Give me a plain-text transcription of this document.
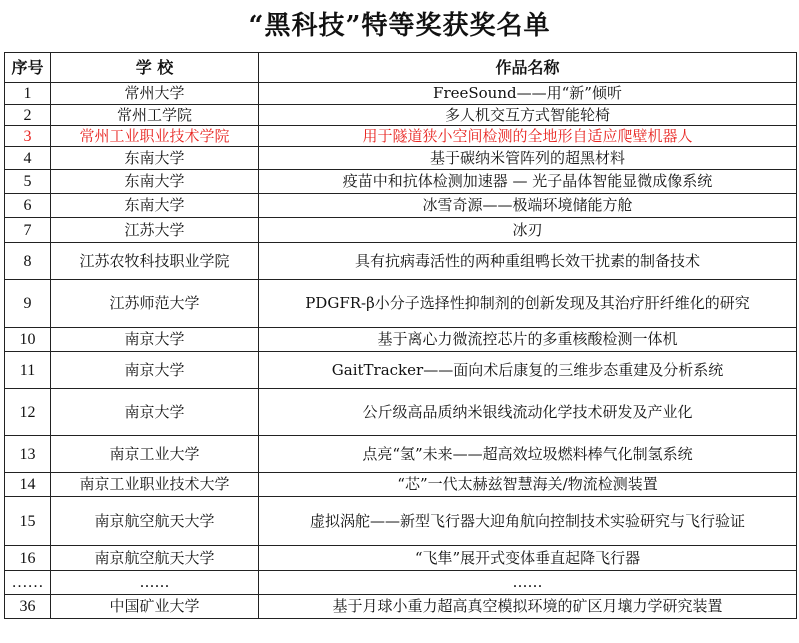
“黑科技”特等奖获奖名单
序号	学 校	作品名称
1	常州大学	FreeSound——用“新”倾听
2	常州工学院	多人机交互方式智能轮椅
3	常州工业职业技术学院	用于隧道狭小空间检测的全地形自适应爬壁机器人
4	东南大学	基于碳纳米管阵列的超黑材料
5	东南大学	疫苗中和抗体检测加速器 — 光子晶体智能显微成像系统
6	东南大学	冰雪奇源——极端环境储能方舱
7	江苏大学	冰刃
8	江苏农牧科技职业学院	具有抗病毒活性的两种重组鸭长效干扰素的制备技术
9	江苏师范大学	PDGFR-β小分子选择性抑制剂的创新发现及其治疗肝纤维化的研究
10	南京大学	基于离心力微流控芯片的多重核酸检测一体机
11	南京大学	GaitTracker——面向术后康复的三维步态重建及分析系统
12	南京大学	公斤级高品质纳米银线流动化学技术研发及产业化
13	南京工业大学	点亮“氢”未来——超高效垃圾燃料棒气化制氢系统
14	南京工业职业技术大学	“芯”一代太赫兹智慧海关/物流检测装置
15	南京航空航天大学	虚拟涡舵——新型飞行器大迎角航向控制技术实验研究与飞行验证
16	南京航空航天大学	“飞隼”展开式变体垂直起降飞行器
……	……	……
36	中国矿业大学	基于月球小重力超高真空模拟环境的矿区月壤力学研究装置
